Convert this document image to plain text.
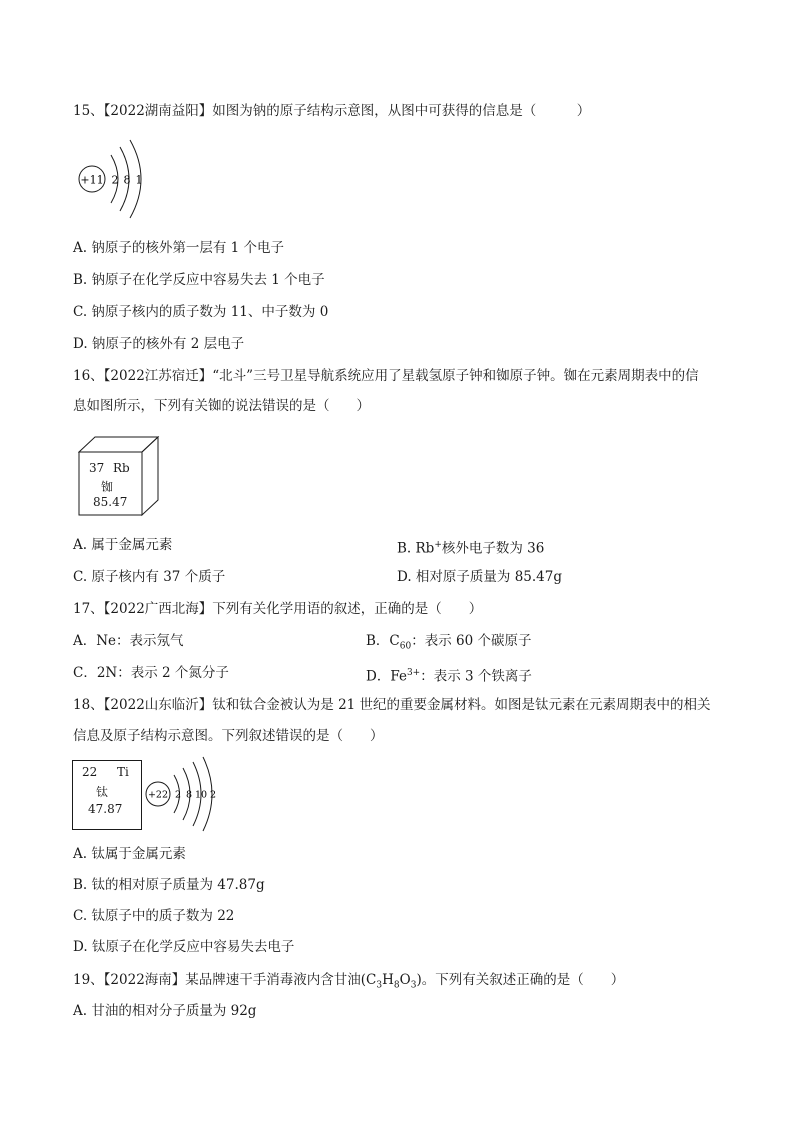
15、【2022湖南益阳】如图为钠的原子结构示意图，从图中可获得的信息是（　　　）
+11 2 8 1
A. 钠原子的核外第一层有 1 个电子
B. 钠原子在化学反应中容易失去 1 个电子
C. 钠原子核内的质子数为 11、中子数为 0
D. 钠原子的核外有 2 层电子
16、【2022江苏宿迁】“北斗”三号卫星导航系统应用了星载氢原子钟和铷原子钟。铷在元素周期表中的信
息如图所示，下列有关铷的说法错误的是（　　）
37 Rb
铷
85.47
A. 属于金属元素	B. Rb+核外电子数为 36
C. 原子核内有 37 个质子	D. 相对原子质量为 85.47g
17、【2022广西北海】下列有关化学用语的叙述，正确的是（　　）
A．Ne：表示氖气	B．$C_{60}$：表示 60 个碳原子
C．2N：表示 2 个氮分子	D．$Fe^{3+}$：表示 3 个铁离子
18、【2022山东临沂】钛和钛合金被认为是 21 世纪的重要金属材料。如图是钛元素在元素周期表中的相关
信息及原子结构示意图。下列叙述错误的是（　　）
22 Ti
钛
47.87
+22 2 8 10 2
A. 钛属于金属元素
B. 钛的相对原子质量为 47.87g
C. 钛原子中的质子数为 22
D. 钛原子在化学反应中容易失去电子
19、【2022海南】某品牌速干手消毒液内含甘油$(C_3H_8O_3)$。下列有关叙述正确的是（　　）
A. 甘油的相对分子质量为 92g
